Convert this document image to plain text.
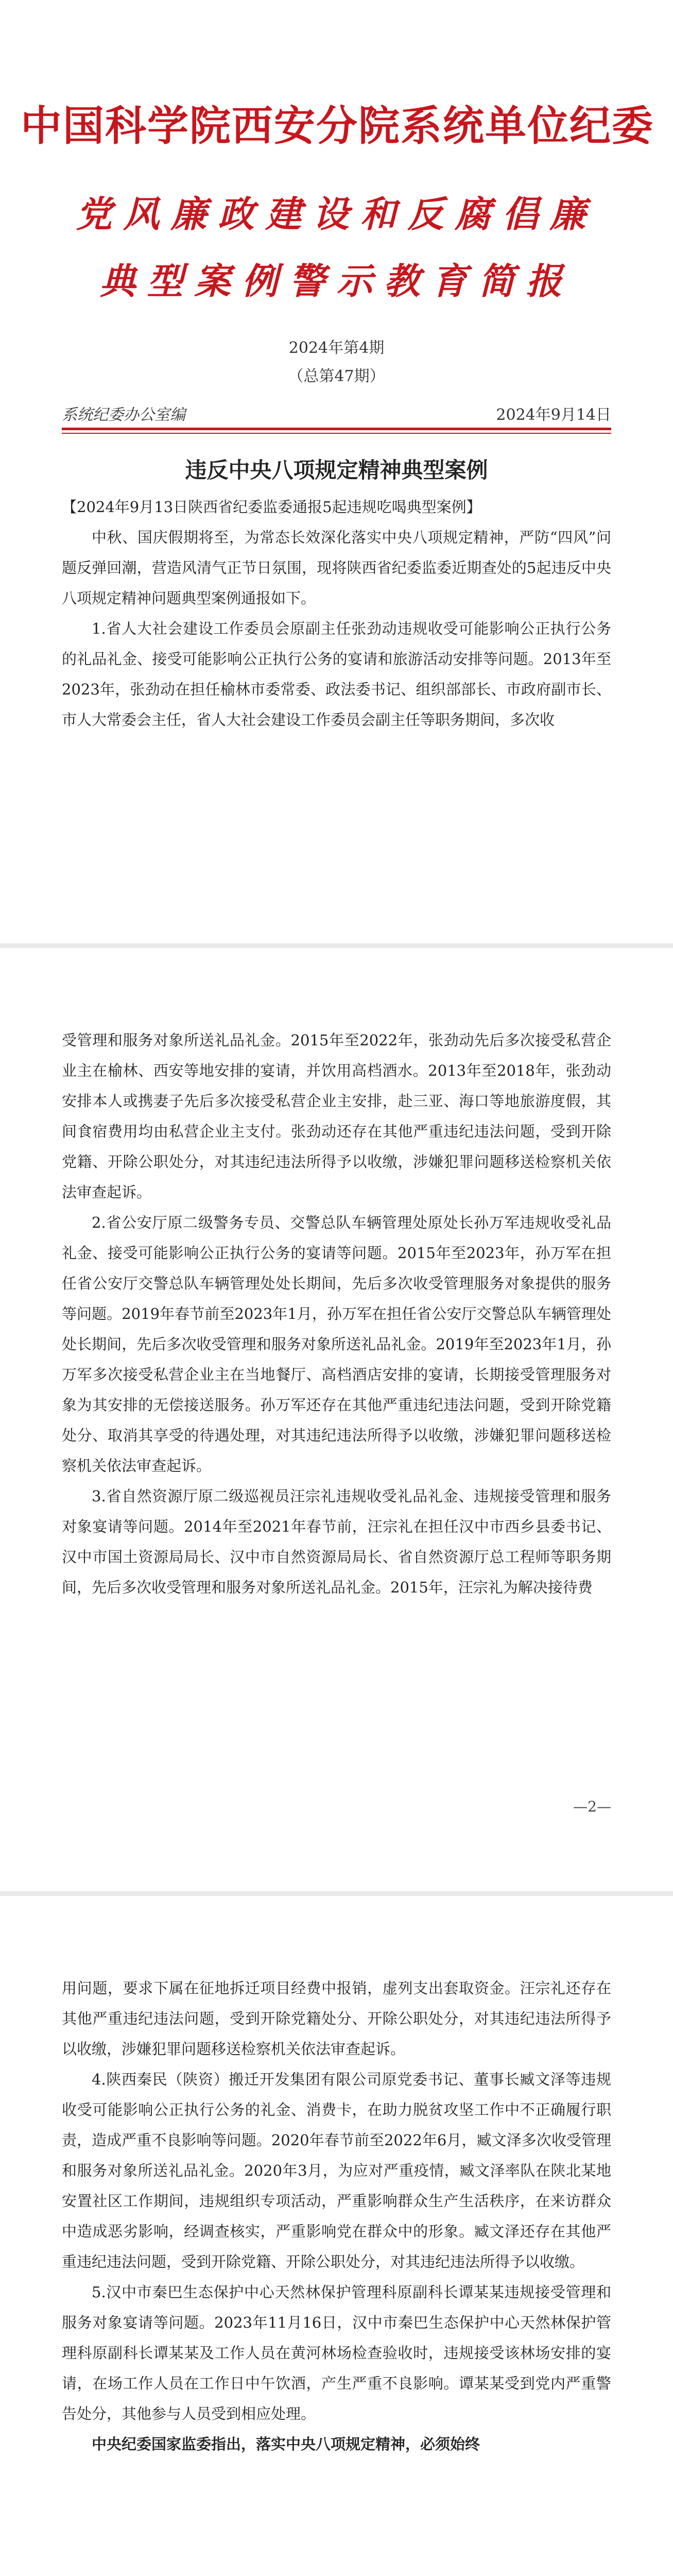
中国科学院西安分院系统单位纪委
党风廉政建设和反腐倡廉
典型案例警示教育简报
2024年第4期
（总第47期）
系统纪委办公室编	2024年9月14日
违反中央八项规定精神典型案例

【2024年9月13日陕西省纪委监委通报5起违规吃喝典型案例】

中秋、国庆假期将至，为常态长效深化落实中央八项规定精神，严防“四风”问题反弹回潮，营造风清气正节日氛围，现将陕西省纪委监委近期查处的5起违反中央八项规定精神问题典型案例通报如下。

1.省人大社会建设工作委员会原副主任张劲动违规收受可能影响公正执行公务的礼品礼金、接受可能影响公正执行公务的宴请和旅游活动安排等问题。2013年至2023年，张劲动在担任榆林市委常委、政法委书记、组织部部长、市政府副市长、市人大常委会主任，省人大社会建设工作委员会副主任等职务期间，多次收

受管理和服务对象所送礼品礼金。2015年至2022年，张劲动先后多次接受私营企业主在榆林、西安等地安排的宴请，并饮用高档酒水。2013年至2018年，张劲动安排本人或携妻子先后多次接受私营企业主安排，赴三亚、海口等地旅游度假，其间食宿费用均由私营企业主支付。张劲动还存在其他严重违纪违法问题，受到开除党籍、开除公职处分，对其违纪违法所得予以收缴，涉嫌犯罪问题移送检察机关依法审查起诉。

2.省公安厅原二级警务专员、交警总队车辆管理处原处长孙万军违规收受礼品礼金、接受可能影响公正执行公务的宴请等问题。2015年至2023年，孙万军在担任省公安厅交警总队车辆管理处处长期间，先后多次收受管理服务对象提供的服务等问题。2019年春节前至2023年1月，孙万军在担任省公安厅交警总队车辆管理处处长期间，先后多次收受管理和服务对象所送礼品礼金。2019年至2023年1月，孙万军多次接受私营企业主在当地餐厅、高档酒店安排的宴请，长期接受管理服务对象为其安排的无偿接送服务。孙万军还存在其他严重违纪违法问题，受到开除党籍处分、取消其享受的待遇处理，对其违纪违法所得予以收缴，涉嫌犯罪问题移送检察机关依法审查起诉。

3.省自然资源厅原二级巡视员汪宗礼违规收受礼品礼金、违规接受管理和服务对象宴请等问题。2014年至2021年春节前，汪宗礼在担任汉中市西乡县委书记、汉中市国土资源局局长、汉中市自然资源局局长、省自然资源厅总工程师等职务期间，先后多次收受管理和服务对象所送礼品礼金。2015年，汪宗礼为解决接待费

—2—

用问题，要求下属在征地拆迁项目经费中报销，虚列支出套取资金。汪宗礼还存在其他严重违纪违法问题，受到开除党籍处分、开除公职处分，对其违纪违法所得予以收缴，涉嫌犯罪问题移送检察机关依法审查起诉。

4.陕西秦民（陕资）搬迁开发集团有限公司原党委书记、董事长臧文泽等违规收受可能影响公正执行公务的礼金、消费卡，在助力脱贫攻坚工作中不正确履行职责，造成严重不良影响等问题。2020年春节前至2022年6月，臧文泽多次收受管理和服务对象所送礼品礼金。2020年3月，为应对严重疫情，臧文泽率队在陕北某地安置社区工作期间，违规组织专项活动，严重影响群众生产生活秩序，在来访群众中造成恶劣影响，经调查核实，严重影响党在群众中的形象。臧文泽还存在其他严重违纪违法问题，受到开除党籍、开除公职处分，对其违纪违法所得予以收缴。

5.汉中市秦巴生态保护中心天然林保护管理科原副科长谭某某违规接受管理和服务对象宴请等问题。2023年11月16日，汉中市秦巴生态保护中心天然林保护管理科原副科长谭某某及工作人员在黄河林场检查验收时，违规接受该林场安排的宴请，在场工作人员在工作日中午饮酒，产生严重不良影响。谭某某受到党内严重警告处分，其他参与人员受到相应处理。

中央纪委国家监委指出，落实中央八项规定精神，必须始终
